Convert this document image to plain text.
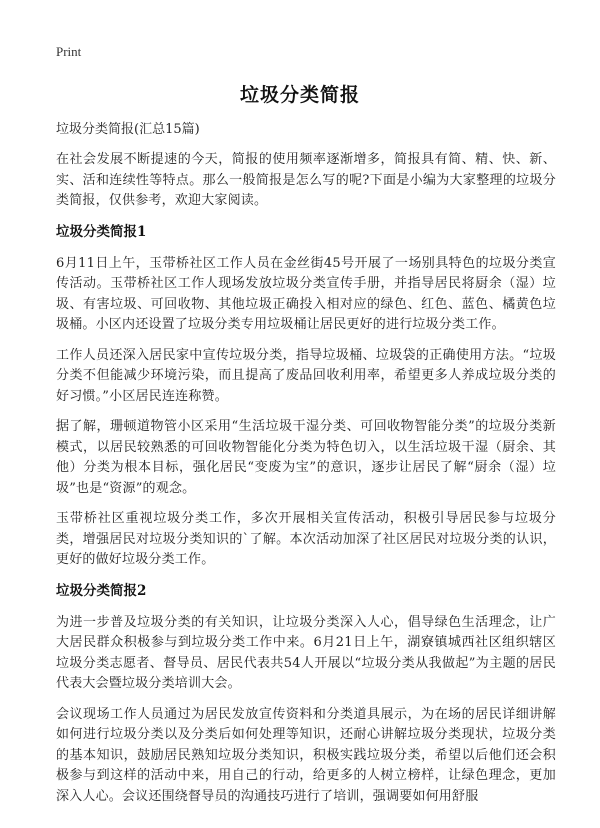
Print
垃圾分类简报

垃圾分类简报(汇总15篇)

在社会发展不断提速的今天，简报的使用频率逐渐增多，简报具有简、精、快、新、实、活和连续性等特点。那么一般简报是怎么写的呢?下面是小编为大家整理的垃圾分类简报，仅供参考，欢迎大家阅读。

垃圾分类简报1

6月11日上午，玉带桥社区工作人员在金丝街45号开展了一场别具特色的垃圾分类宣传活动。玉带桥社区工作人现场发放垃圾分类宣传手册，并指导居民将厨余（湿）垃圾、有害垃圾、可回收物、其他垃圾正确投入相对应的绿色、红色、蓝色、橘黄色垃圾桶。小区内还设置了垃圾分类专用垃圾桶让居民更好的进行垃圾分类工作。

工作人员还深入居民家中宣传垃圾分类，指导垃圾桶、垃圾袋的正确使用方法。“垃圾分类不但能减少环境污染，而且提高了废品回收利用率，希望更多人养成垃圾分类的好习惯。”小区居民连连称赞。

据了解，珊顿道物管小区采用“生活垃圾干湿分类、可回收物智能分类”的垃圾分类新模式，以居民较熟悉的可回收物智能化分类为特色切入，以生活垃圾干湿（厨余、其他）分类为根本目标，强化居民“变废为宝”的意识，逐步让居民了解“厨余（湿）垃圾”也是“资源”的观念。

玉带桥社区重视垃圾分类工作，多次开展相关宣传活动，积极引导居民参与垃圾分类，增强居民对垃圾分类知识的`了解。本次活动加深了社区居民对垃圾分类的认识，更好的做好垃圾分类工作。

垃圾分类简报2

为进一步普及垃圾分类的有关知识，让垃圾分类深入人心，倡导绿色生活理念，让广大居民群众积极参与到垃圾分类工作中来。6月21日上午，湖寮镇城西社区组织辖区垃圾分类志愿者、督导员、居民代表共54人开展以“垃圾分类从我做起”为主题的居民代表大会暨垃圾分类培训大会。

会议现场工作人员通过为居民发放宣传资料和分类道具展示，为在场的居民详细讲解如何进行垃圾分类以及分类后如何处理等知识，还耐心讲解垃圾分类现状，垃圾分类的基本知识，鼓励居民熟知垃圾分类知识，积极实践垃圾分类，希望以后他们还会积极参与到这样的活动中来，用自己的行动，给更多的人树立榜样，让绿色理念，更加深入人心。会议还围绕督导员的沟通技巧进行了培训，强调要如何用舒服
